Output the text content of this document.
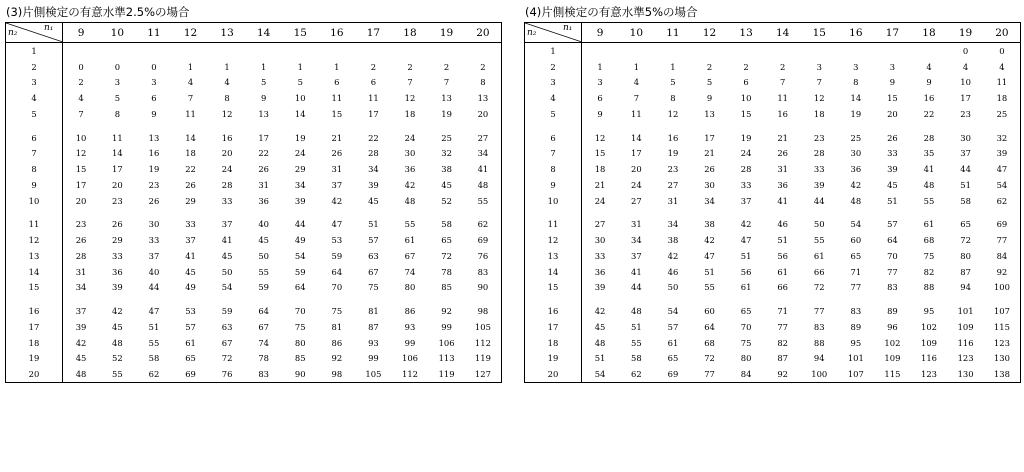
(3)片側検定の有意水準2.5%の場合
n₂ n₁	9	10	11	12	13	14	15	16	17	18	19	20
1												
2	0	0	0	1	1	1	1	1	2	2	2	2
3	2	3	3	4	4	5	5	6	6	7	7	8
4	4	5	6	7	8	9	10	11	11	12	13	13
5	7	8	9	11	12	13	14	15	17	18	19	20

6	10	11	13	14	16	17	19	21	22	24	25	27
7	12	14	16	18	20	22	24	26	28	30	32	34
8	15	17	19	22	24	26	29	31	34	36	38	41
9	17	20	23	26	28	31	34	37	39	42	45	48
10	20	23	26	29	33	36	39	42	45	48	52	55

11	23	26	30	33	37	40	44	47	51	55	58	62
12	26	29	33	37	41	45	49	53	57	61	65	69
13	28	33	37	41	45	50	54	59	63	67	72	76
14	31	36	40	45	50	55	59	64	67	74	78	83
15	34	39	44	49	54	59	64	70	75	80	85	90

16	37	42	47	53	59	64	70	75	81	86	92	98
17	39	45	51	57	63	67	75	81	87	93	99	105
18	42	48	55	61	67	74	80	86	93	99	106	112
19	45	52	58	65	72	78	85	92	99	106	113	119
20	48	55	62	69	76	83	90	98	105	112	119	127
(4)片側検定の有意水準5%の場合
n₂ n₁	9	10	11	12	13	14	15	16	17	18	19	20
1											0	0
2	1	1	1	2	2	2	3	3	3	4	4	4
3	3	4	5	5	6	7	7	8	9	9	10	11
4	6	7	8	9	10	11	12	14	15	16	17	18
5	9	11	12	13	15	16	18	19	20	22	23	25

6	12	14	16	17	19	21	23	25	26	28	30	32
7	15	17	19	21	24	26	28	30	33	35	37	39
8	18	20	23	26	28	31	33	36	39	41	44	47
9	21	24	27	30	33	36	39	42	45	48	51	54
10	24	27	31	34	37	41	44	48	51	55	58	62

11	27	31	34	38	42	46	50	54	57	61	65	69
12	30	34	38	42	47	51	55	60	64	68	72	77
13	33	37	42	47	51	56	61	65	70	75	80	84
14	36	41	46	51	56	61	66	71	77	82	87	92
15	39	44	50	55	61	66	72	77	83	88	94	100

16	42	48	54	60	65	71	77	83	89	95	101	107
17	45	51	57	64	70	77	83	89	96	102	109	115
18	48	55	61	68	75	82	88	95	102	109	116	123
19	51	58	65	72	80	87	94	101	109	116	123	130
20	54	62	69	77	84	92	100	107	115	123	130	138
